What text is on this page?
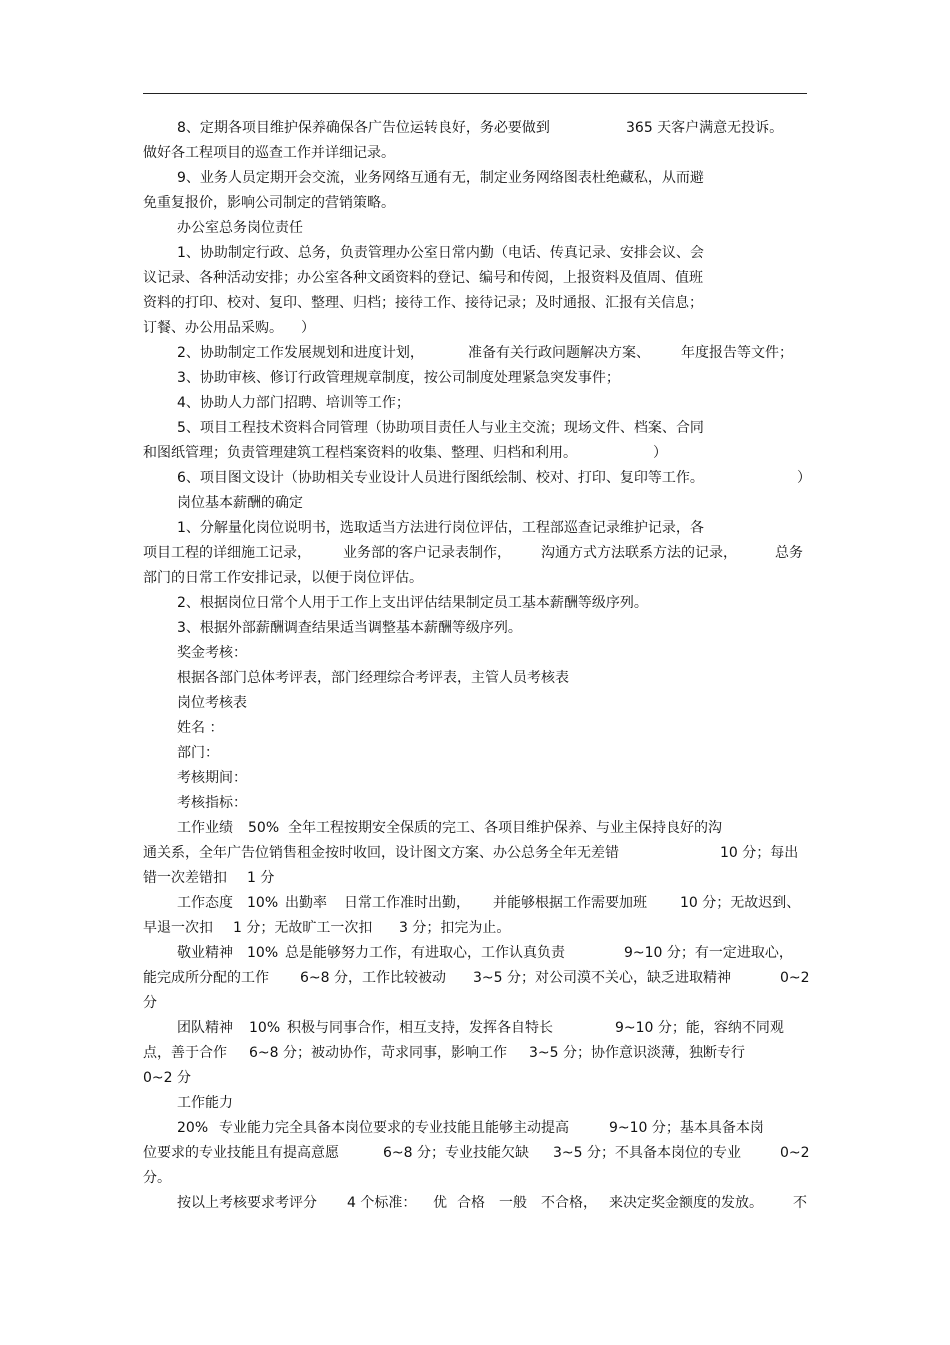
8、定期各项目维护保养确保各广告位运转良好，务必要做到	365 天客户满意无投诉。
做好各工程项目的巡查工作并详细记录。
9、业务人员定期开会交流，业务网络互通有无，制定业务网络图表杜绝藏私，从而避
免重复报价，影响公司制定的营销策略。
办公室总务岗位责任
1、协助制定行政、总务，负责管理办公室日常内勤（电话、传真记录、安排会议、会
议记录、各种活动安排；办公室各种文函资料的登记、编号和传阅，上报资料及值周、值班
资料的打印、校对、复印、整理、归档；接待工作、接待记录；及时通报、汇报有关信息；
订餐、办公用品采购。 ）
2、协助制定工作发展规划和进度计划，	准备有关行政问题解决方案、 年度报告等文件；
3、协助审核、修订行政管理规章制度，按公司制度处理紧急突发事件；
4、协助人力部门招聘、培训等工作；
5、项目工程技术资料合同管理（协助项目责任人与业主交流；现场文件、档案、合同
和图纸管理；负责管理建筑工程档案资料的收集、整理、归档和利用。	）
6、项目图文设计（协助相关专业设计人员进行图纸绘制、校对、打印、复印等工作。	）
岗位基本薪酬的确定
1、分解量化岗位说明书，选取适当方法进行岗位评估，工程部巡查记录维护记录，各
项目工程的详细施工记录， 业务部的客户记录表制作， 沟通方式方法联系方法的记录，	总务
部门的日常工作安排记录，以便于岗位评估。
2、根据岗位日常个人用于工作上支出评估结果制定员工基本薪酬等级序列。
3、根据外部薪酬调查结果适当调整基本薪酬等级序列。
奖金考核：
根据各部门总体考评表，部门经理综合考评表，主管人员考核表
岗位考核表
姓名 ：
部门：
考核期间：
考核指标：
工作业绩 50% 全年工程按期安全保质的完工、各项目维护保养、与业主保持良好的沟
通关系，全年广告位销售租金按时收回，设计图文方案、办公总务全年无差错	10 分；每出
错一次差错扣 1 分
工作态度 10% 出勤率 日常工作准时出勤， 并能够根据工作需要加班 10 分；无故迟到、
早退一次扣 1 分；无故旷工一次扣 3 分；扣完为止。
敬业精神 10% 总是能够努力工作，有进取心，工作认真负责	9~10 分；有一定进取心，
能完成所分配的工作 6~8 分，工作比较被动 3~5 分；对公司漠不关心，缺乏进取精神	0~2
分
团队精神 10% 积极与同事合作，相互支持，发挥各自特长	9~10 分；能，容纳不同观
点，善于合作 6~8 分；被动协作，苛求同事，影响工作 3~5 分；协作意识淡薄，独断专行
0~2 分
工作能力
20% 专业能力完全具备本岗位要求的专业技能且能够主动提高	9~10 分；基本具备本岗
位要求的专业技能且有提高意愿	6~8 分；专业技能欠缺 3~5 分；不具备本岗位的专业	0~2
分。
按以上考核要求考评分 4 个标准： 优 合格 一般 不合格， 来决定奖金额度的发放。 不
